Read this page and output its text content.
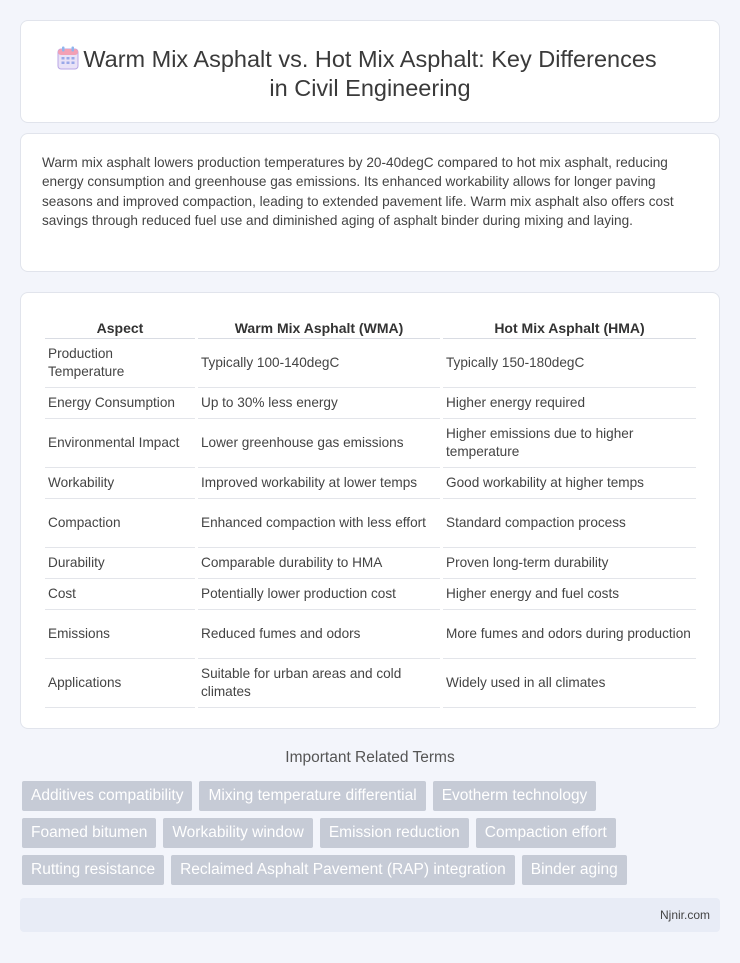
Warm Mix Asphalt vs. Hot Mix Asphalt: Key Differences
in Civil Engineering

Warm mix asphalt lowers production temperatures by 20-40degC compared to hot mix asphalt, reducing energy consumption and greenhouse gas emissions. Its enhanced workability allows for longer paving seasons and improved compaction, leading to extended pavement life. Warm mix asphalt also offers cost savings through reduced fuel use and diminished aging of asphalt binder during mixing and laying.

Aspect	Warm Mix Asphalt (WMA)	Hot Mix Asphalt (HMA)
Production Temperature	Typically 100-140degC	Typically 150-180degC
Energy Consumption	Up to 30% less energy	Higher energy required
Environmental Impact	Lower greenhouse gas emissions	Higher emissions due to higher temperature
Workability	Improved workability at lower temps	Good workability at higher temps
Compaction	Enhanced compaction with less effort	Standard compaction process
Durability	Comparable durability to HMA	Proven long-term durability
Cost	Potentially lower production cost	Higher energy and fuel costs
Emissions	Reduced fumes and odors	More fumes and odors during production
Applications	Suitable for urban areas and cold climates	Widely used in all climates
Important Related Terms
Additives compatibility	Mixing temperature differential	Evotherm technology
Foamed bitumen	Workability window	Emission reduction	Compaction effort
Rutting resistance	Reclaimed Asphalt Pavement (RAP) integration	Binder aging
Njnir.com
